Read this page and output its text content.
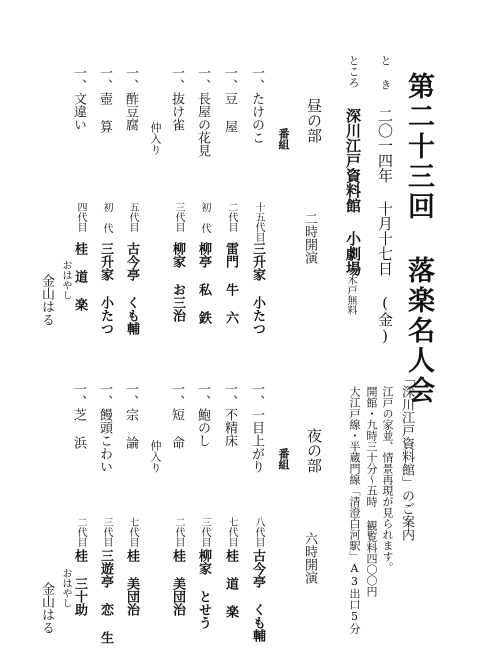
第二十三回 落楽名人会
と き
二〇一四年 十月十七日 (金)
ところ
深川江戸資料館 小劇場
木戸無料
「深川江戸資料館」のご案内
江戸の家並、情景再現が見られます。
開館・九時三十分〜五時 観覧料四〇〇円
大江戸線・半蔵門線「清澄白河駅」A3出口5分
昼の部
番組
二時開演
一、たけのこ
十五代目
三升家 小たつ
一、豆 屋
二代目
雷門 牛 六
一、長屋の花見
初 代
柳亭 私 鉄
一、抜け雀
三代目
柳家 お三治
仲入り
一、酢豆腐
五代目
古今亭 くも輔
一、壺 算
初 代
三升家 小たつ
一、文違い
四代目
桂 道 楽
おはやし
金山はる
夜の部
番組
六時開演
一、一目上がり
八代目
古今亭 くも輔
一、不精床
七代目
桂 道 楽
一、鮑のし
三代目
柳家 とせう
一、短 命
二代目
桂 美団治
仲入り
一、宗 論
七代目
桂 美団治
一、饅頭こわい
三代目
三遊亭 恋 生
一、芝 浜
二代目
桂 三十助
おはやし
金山はる
